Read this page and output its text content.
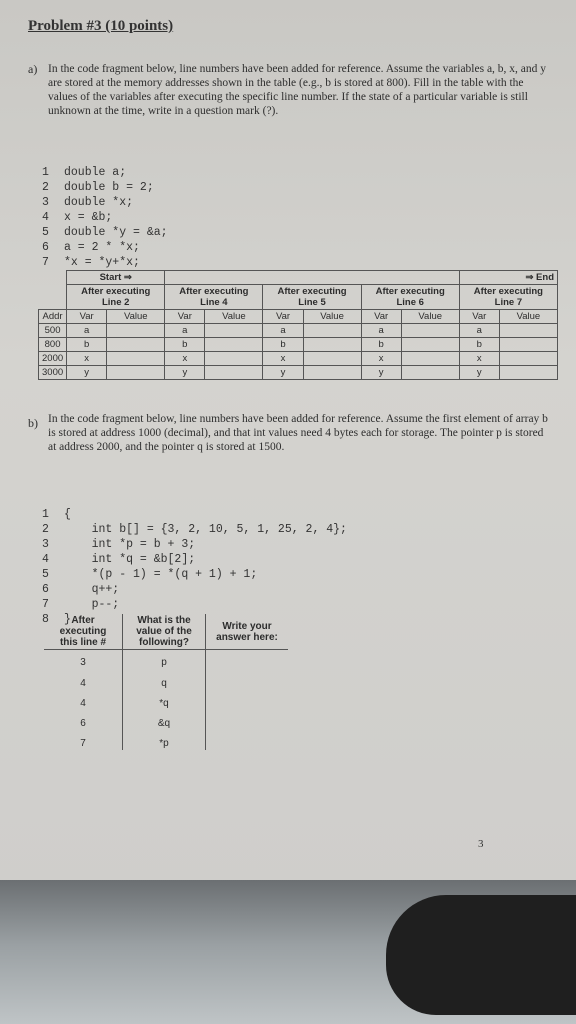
Problem #3 (10 points)
a) In the code fragment below, line numbers have been added for reference. Assume the variables a, b, x, and y are stored at the memory addresses shown in the table (e.g., b is stored at 800). Fill in the table with the values of the variables after executing the specific line number. If the state of a particular variable is still unknown at the time, write in a question mark (?).

1 double a;
2 double b = 2;
3 double *x;
4 x = &b;
5 double *y = &a;
6 a = 2 * *x;
7 *x = *y+*x;

	Start ⇒								⇒ End	
	After executing Line 2		After executing Line 4		After executing Line 5		After executing Line 6		After executing Line 7	
Addr	Var	Value	Var	Value	Var	Value	Var	Value	Var	Value
500	a		a		a		a		a	
800	b		b		b		b		b	
2000	x		x		x		x		x	
3000	y		y		y		y		y	
b) In the code fragment below, line numbers have been added for reference. Assume the first element of array b is stored at address 1000 (decimal), and that int values need 4 bytes each for storage. The pointer p is stored at address 2000, and the pointer q is stored at 1500.

1 {
2    int b[] = {3, 2, 10, 5, 1, 25, 2, 4};
3    int *p = b + 3;
4    int *q = &b[2];
5    *(p - 1) = *(q + 1) + 1;
6    q++;
7    p--;
8 } After executing this line #	What is the value of the following?	Write your answer here:
3	p	
4	q	
4	*q	
6	&q	
7	*p	
3
